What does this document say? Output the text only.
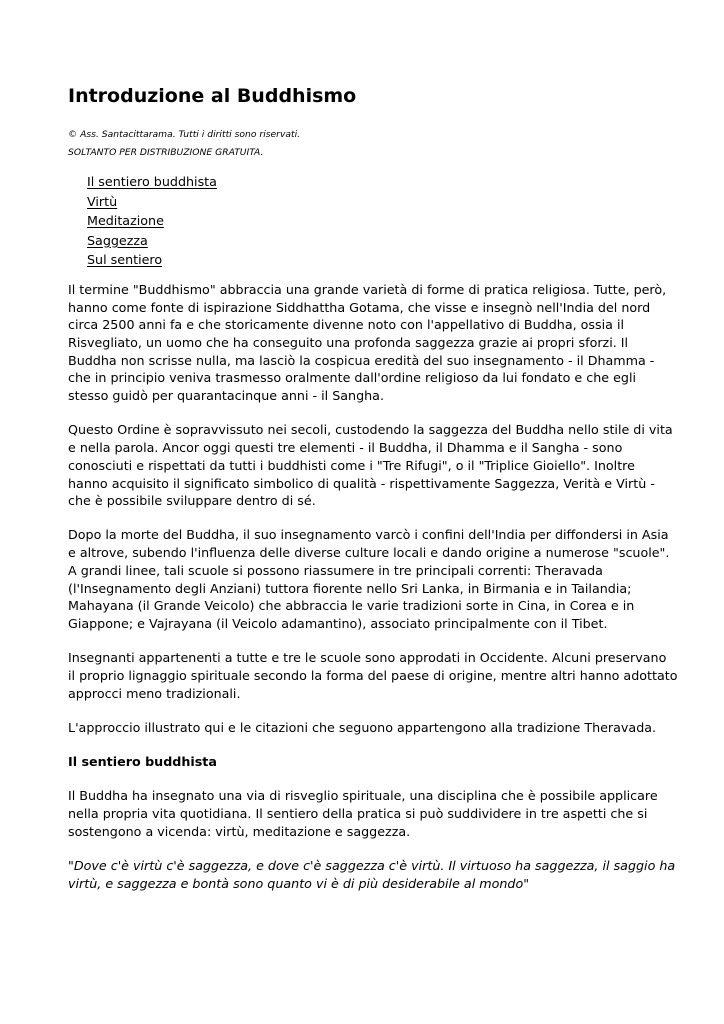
Introduzione al Buddhismo

© Ass. Santacittarama. Tutti i diritti sono riservati.

SOLTANTO PER DISTRIBUZIONE GRATUITA.

Il sentiero buddhista
Virtù
Meditazione
Saggezza
Sul sentiero

Il termine "Buddhismo" abbraccia una grande varietà di forme di pratica religiosa. Tutte, però,
hanno come fonte di ispirazione Siddhattha Gotama, che visse e insegnò nell'India del nord
circa 2500 anni fa e che storicamente divenne noto con l'appellativo di Buddha, ossia il
Risvegliato, un uomo che ha conseguito una profonda saggezza grazie ai propri sforzi. Il
Buddha non scrisse nulla, ma lasciò la cospicua eredità del suo insegnamento - il Dhamma -
che in principio veniva trasmesso oralmente dall'ordine religioso da lui fondato e che egli
stesso guidò per quarantacinque anni - il Sangha.

Questo Ordine è sopravvissuto nei secoli, custodendo la saggezza del Buddha nello stile di vita
e nella parola. Ancor oggi questi tre elementi - il Buddha, il Dhamma e il Sangha - sono
conosciuti e rispettati da tutti i buddhisti come i "Tre Rifugi", o il "Triplice Gioiello". Inoltre
hanno acquisito il significato simbolico di qualità - rispettivamente Saggezza, Verità e Virtù -
che è possibile sviluppare dentro di sé.

Dopo la morte del Buddha, il suo insegnamento varcò i confini dell'India per diffondersi in Asia
e altrove, subendo l'influenza delle diverse culture locali e dando origine a numerose "scuole".
A grandi linee, tali scuole si possono riassumere in tre principali correnti: Theravada
(l'Insegnamento degli Anziani) tuttora fiorente nello Sri Lanka, in Birmania e in Tailandia;
Mahayana (il Grande Veicolo) che abbraccia le varie tradizioni sorte in Cina, in Corea e in
Giappone; e Vajrayana (il Veicolo adamantino), associato principalmente con il Tibet.

Insegnanti appartenenti a tutte e tre le scuole sono approdati in Occidente. Alcuni preservano
il proprio lignaggio spirituale secondo la forma del paese di origine, mentre altri hanno adottato
approcci meno tradizionali.

L'approccio illustrato qui e le citazioni che seguono appartengono alla tradizione Theravada.

Il sentiero buddhista

Il Buddha ha insegnato una via di risveglio spirituale, una disciplina che è possibile applicare
nella propria vita quotidiana. Il sentiero della pratica si può suddividere in tre aspetti che si
sostengono a vicenda: virtù, meditazione e saggezza.

"Dove c'è virtù c'è saggezza, e dove c'è saggezza c'è virtù. Il virtuoso ha saggezza, il saggio ha
virtù, e saggezza e bontà sono quanto vi è di più desiderabile al mondo"
